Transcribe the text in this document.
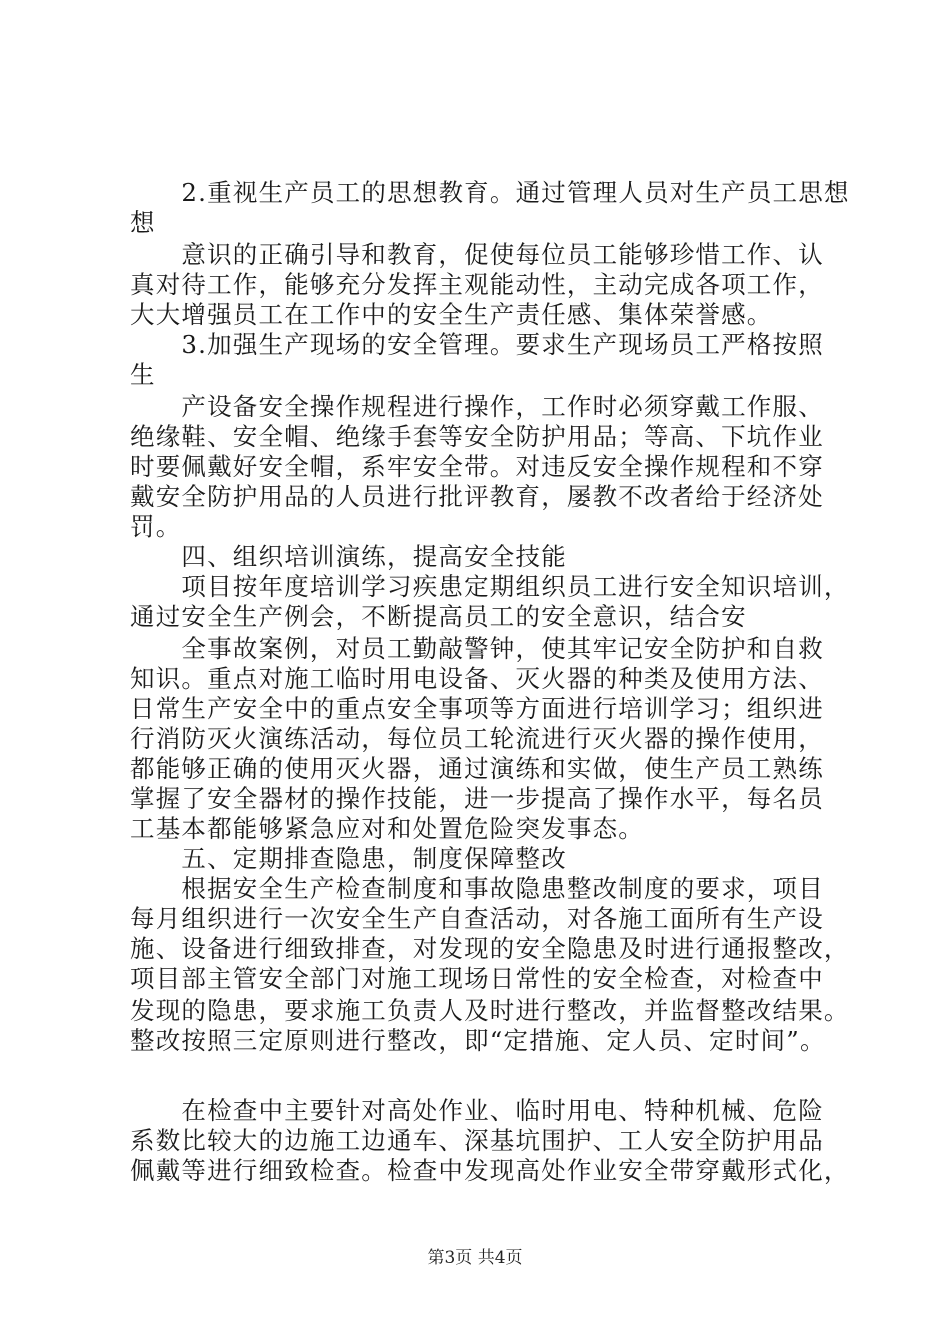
　　2.重视生产员工的思想教育。通过管理人员对生产员工思想
想
　　意识的正确引导和教育，促使每位员工能够珍惜工作、认
真对待工作，能够充分发挥主观能动性，主动完成各项工作，
大大增强员工在工作中的安全生产责任感、集体荣誉感。
　　3.加强生产现场的安全管理。要求生产现场员工严格按照
生
　　产设备安全操作规程进行操作，工作时必须穿戴工作服、
绝缘鞋、安全帽、绝缘手套等安全防护用品；等高、下坑作业
时要佩戴好安全帽，系牢安全带。对违反安全操作规程和不穿
戴安全防护用品的人员进行批评教育，屡教不改者给于经济处
罚。
　　四、组织培训演练，提高安全技能
　　项目按年度培训学习疾患定期组织员工进行安全知识培训，
通过安全生产例会，不断提高员工的安全意识，结合安
　　全事故案例，对员工勤敲警钟，使其牢记安全防护和自救
知识。重点对施工临时用电设备、灭火器的种类及使用方法、
日常生产安全中的重点安全事项等方面进行培训学习；组织进
行消防灭火演练活动，每位员工轮流进行灭火器的操作使用，
都能够正确的使用灭火器，通过演练和实做，使生产员工熟练
掌握了安全器材的操作技能，进一步提高了操作水平，每名员
工基本都能够紧急应对和处置危险突发事态。
　　五、定期排查隐患，制度保障整改
　　根据安全生产检查制度和事故隐患整改制度的要求，项目
每月组织进行一次安全生产自查活动，对各施工面所有生产设
施、设备进行细致排查，对发现的安全隐患及时进行通报整改，
项目部主管安全部门对施工现场日常性的安全检查，对检查中
发现的隐患，要求施工负责人及时进行整改，并监督整改结果。
整改按照三定原则进行整改，即“定措施、定人员、定时间”。
　　在检查中主要针对高处作业、临时用电、特种机械、危险
系数比较大的边施工边通车、深基坑围护、工人安全防护用品
佩戴等进行细致检查。检查中发现高处作业安全带穿戴形式化，
第3页 共4页
